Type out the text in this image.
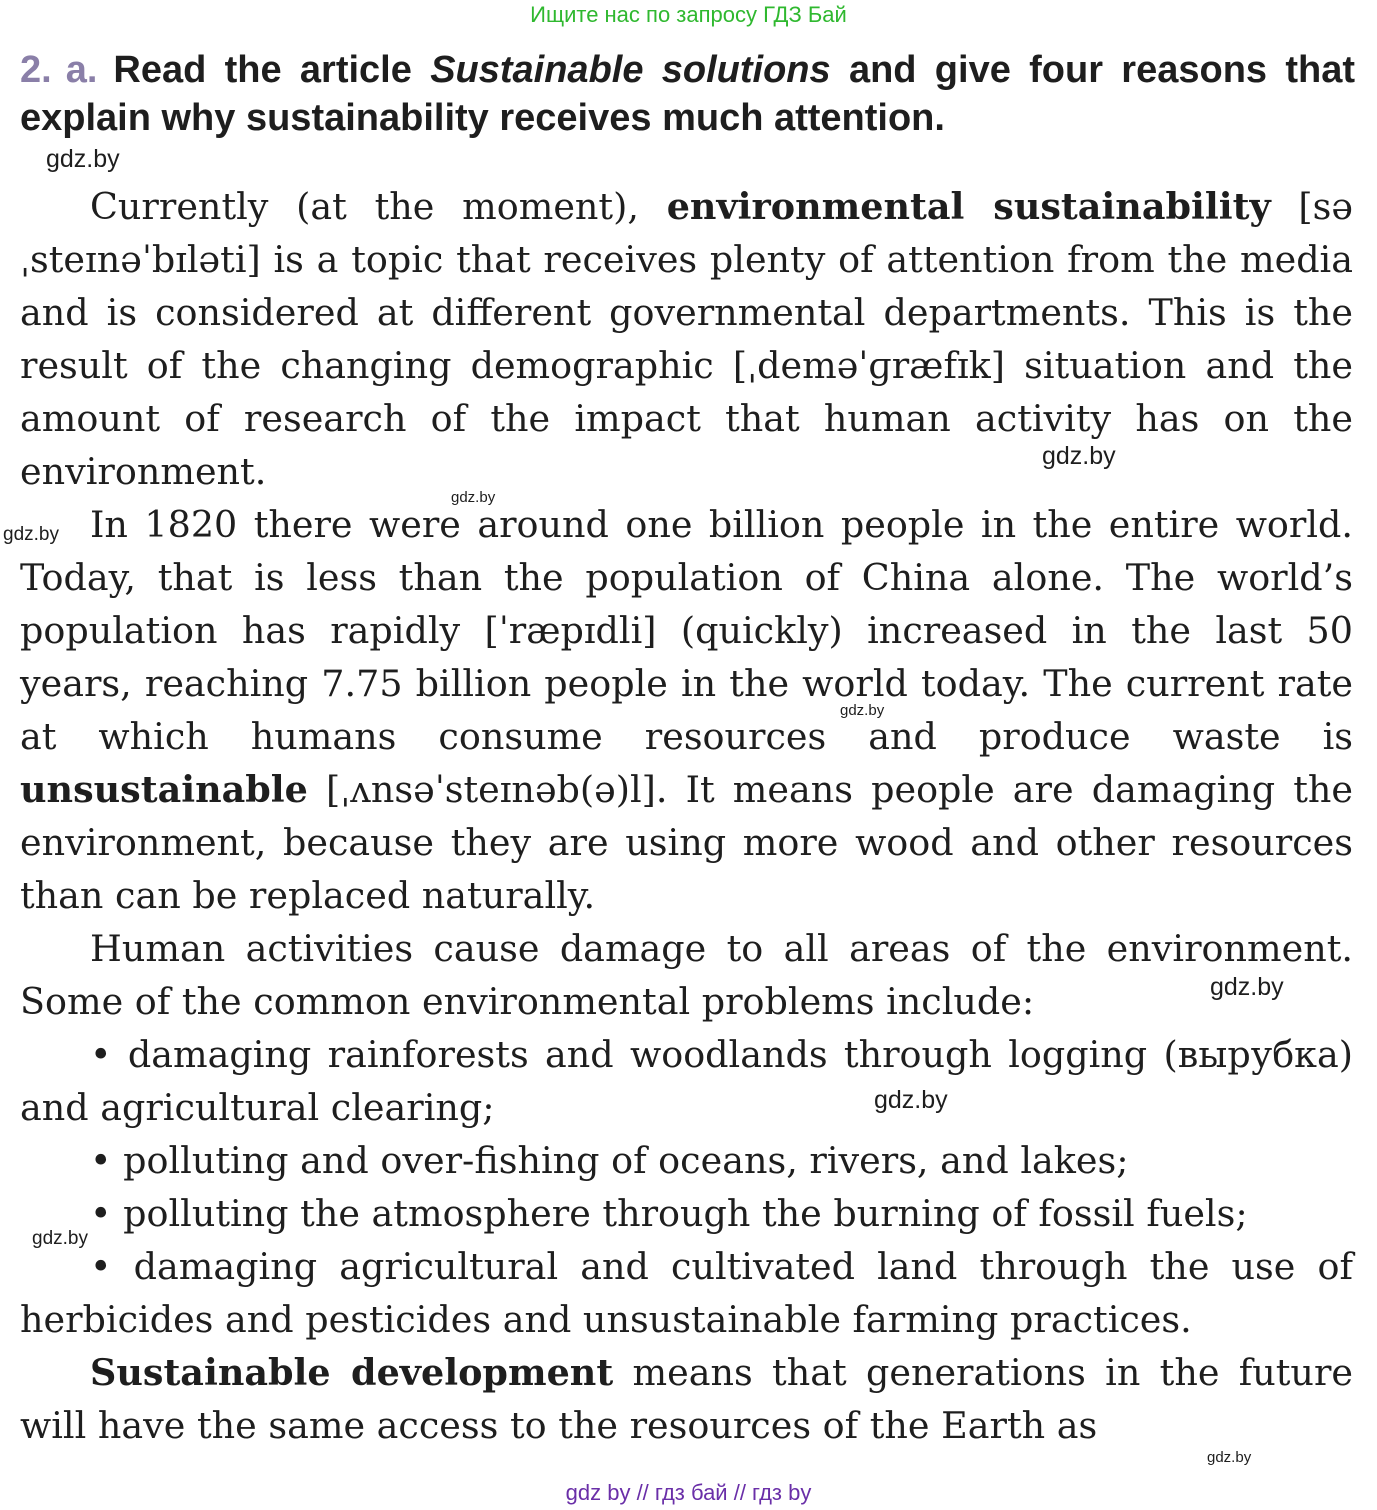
Ищите нас по запросу ГДЗ Бай
2. a. Read the article Sustainable solutions and give four reasons that explain why sustainability receives much attention.

Currently (at the moment), environmental sustainability [səˌsteɪnəˈbɪləti] is a topic that receives plenty of attention from the media and is considered at different governmental departments. This is the result of the changing demographic [ˌdeməˈɡræfɪk] situation and the amount of research of the impact that human activity has on the environment.

In 1820 there were around one billion people in the entire world. Today, that is less than the population of China alone. The world’s population has rapidly [ˈræpɪdli] (quickly) increased in the last 50 years, reaching 7.75 billion people in the world today. The current rate at which humans consume resources and produce waste is unsustainable [ˌʌnsəˈsteɪnəb(ə)l]. It means people are damaging the environment, because they are using more wood and other resources than can be replaced naturally.

Human activities cause damage to all areas of the environment. Some of the common environmental problems include:

• damaging rainforests and woodlands through logging (вырубка) and agricultural clearing;

• polluting and over-fishing of oceans, rivers, and lakes;

• polluting the atmosphere through the burning of fossil fuels;

• damaging agricultural and cultivated land through the use of herbicides and pesticides and unsustainable farming practices.

Sustainable development means that generations in the future will have the same access to the resources of the Earth as

gdz.by
gdz.by
gdz.by
gdz.by
gdz.by
gdz.by
gdz.by
gdz.by
gdz.by
gdz by // гдз бай // гдз by
